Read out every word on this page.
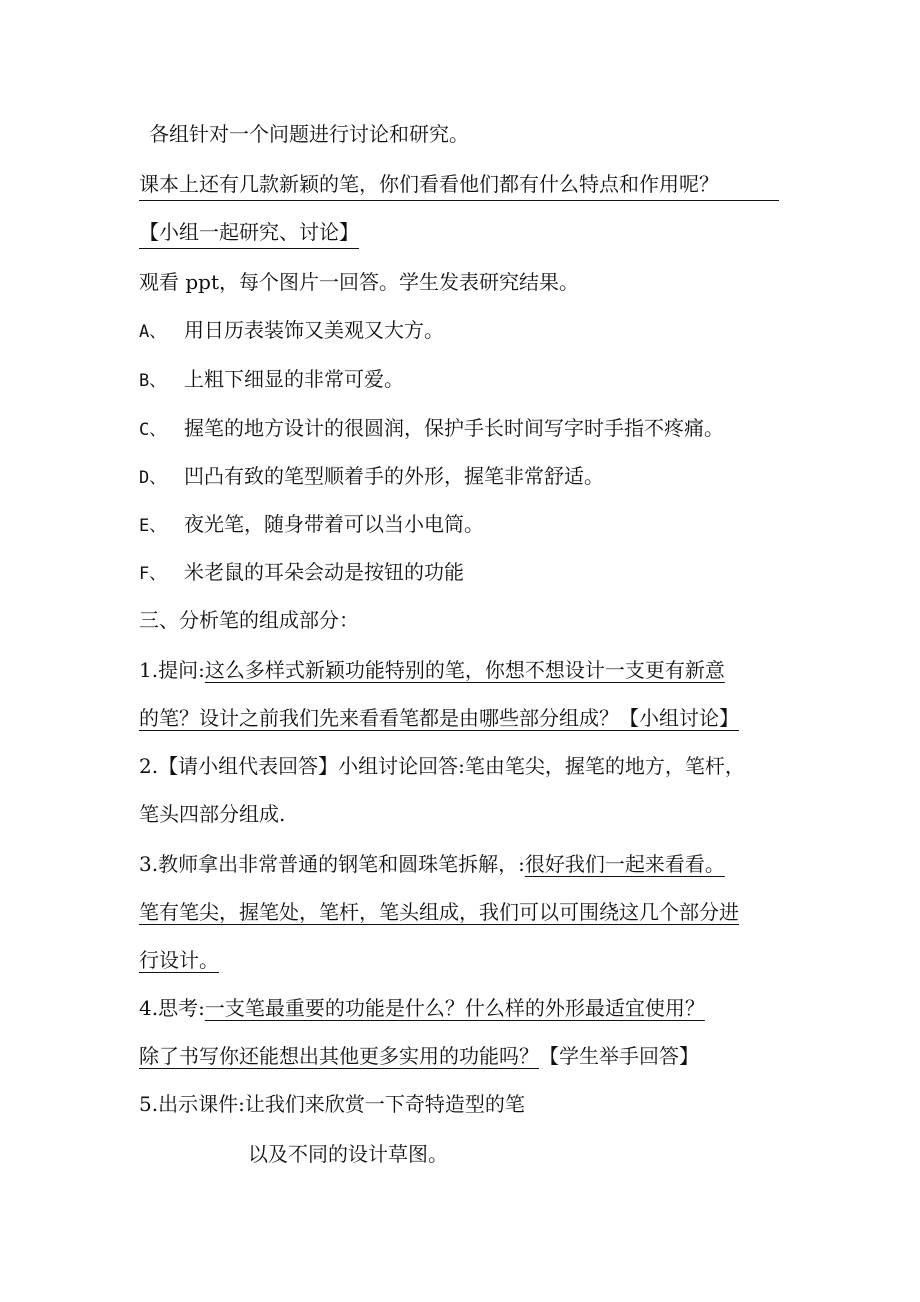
各组针对一个问题进行讨论和研究。
课本上还有几款新颖的笔，你们看看他们都有什么特点和作用呢？
【小组一起研究、讨论】
观看 ppt，每个图片一回答。学生发表研究结果。
A、 用日历表装饰又美观又大方。
B、 上粗下细显的非常可爱。
C、 握笔的地方设计的很圆润，保护手长时间写字时手指不疼痛。
D、 凹凸有致的笔型顺着手的外形，握笔非常舒适。
E、 夜光笔，随身带着可以当小电筒。
F、 米老鼠的耳朵会动是按钮的功能
三、分析笔的组成部分：
1.提问:这么多样式新颖功能特别的笔，你想不想设计一支更有新意
的笔？设计之前我们先来看看笔都是由哪些部分组成？【小组讨论】
2.【请小组代表回答】小组讨论回答:笔由笔尖，握笔的地方，笔杆，
笔头四部分组成.
3.教师拿出非常普通的钢笔和圆珠笔拆解，:很好我们一起来看看。
笔有笔尖，握笔处，笔杆，笔头组成，我们可以可围绕这几个部分进
行设计。
4.思考:一支笔最重要的功能是什么？什么样的外形最适宜使用？
除了书写你还能想出其他更多实用的功能吗？【学生举手回答】
5.出示课件:让我们来欣赏一下奇特造型的笔
以及不同的设计草图。
